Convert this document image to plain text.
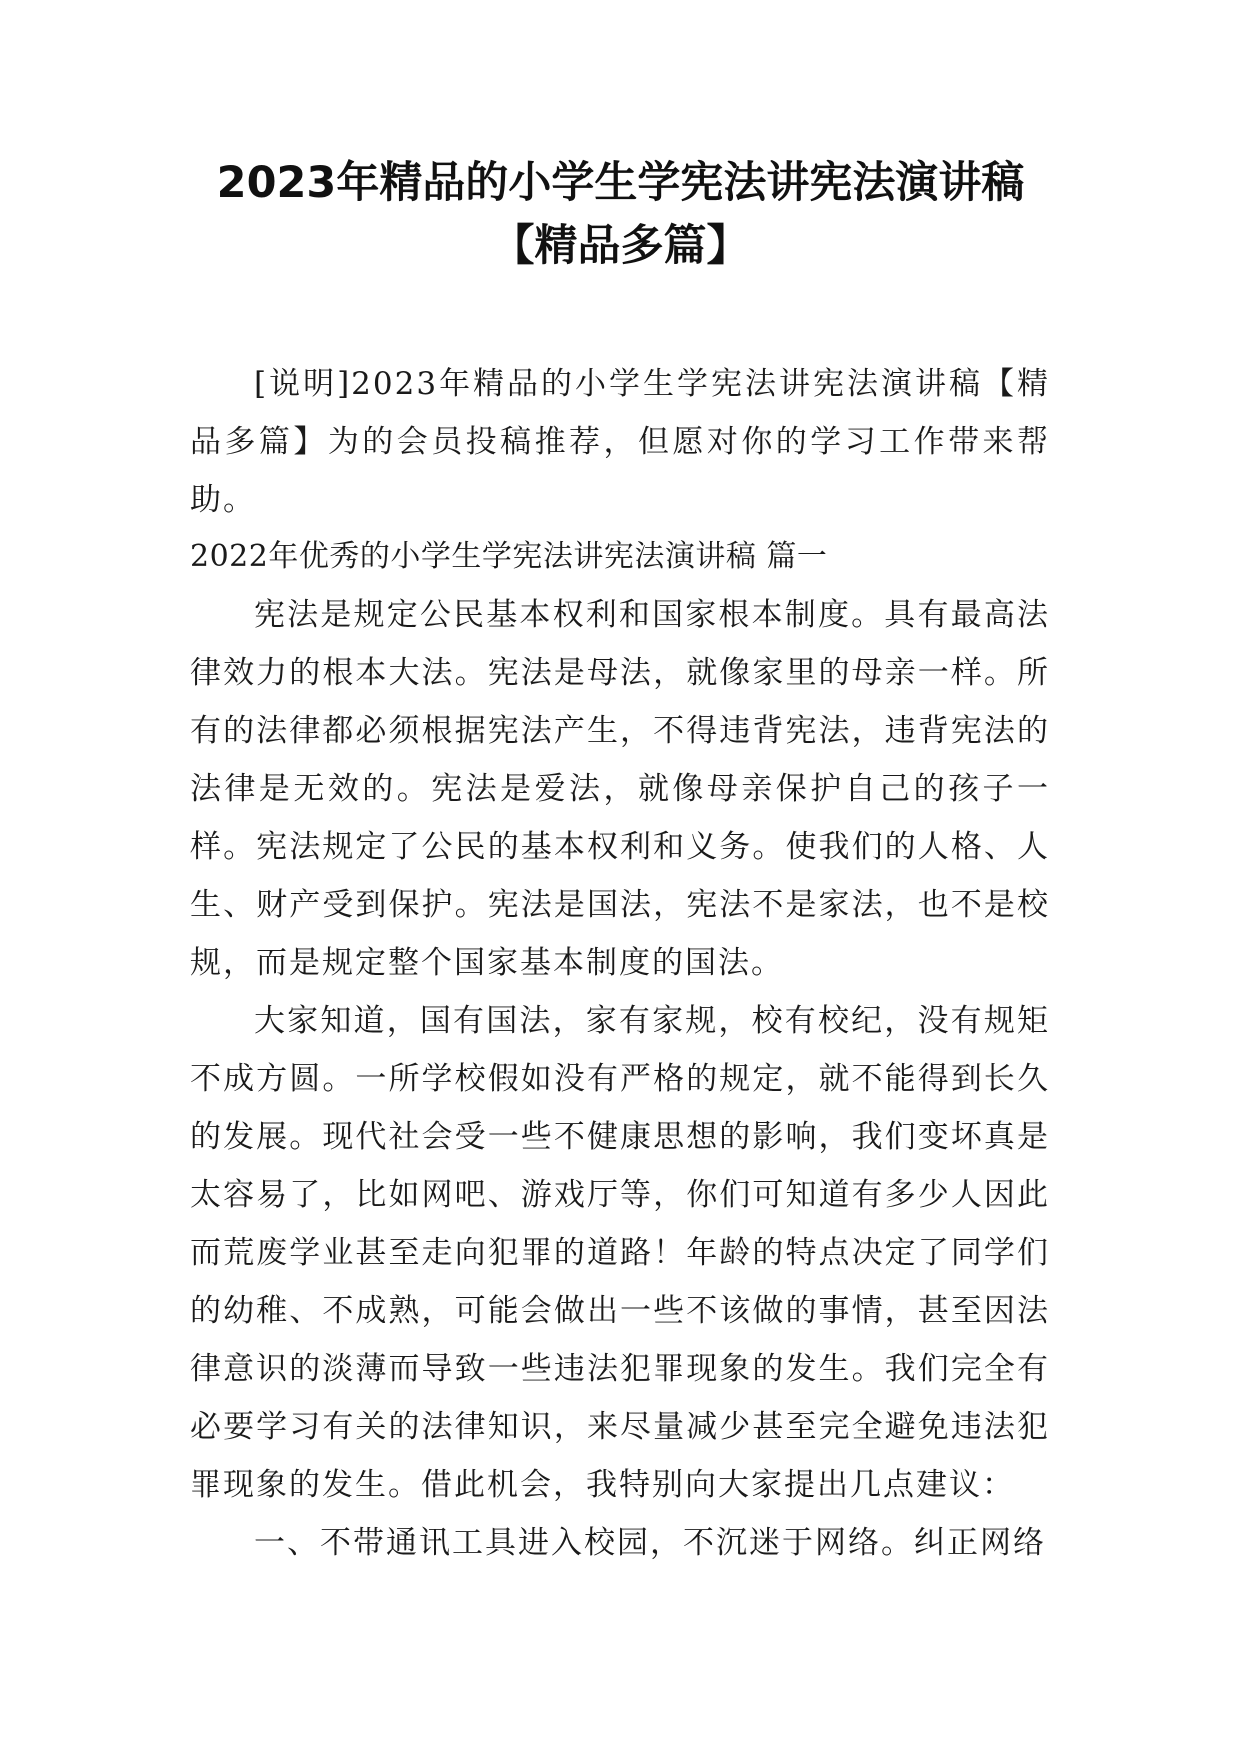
2023年精品的小学生学宪法讲宪法演讲稿
【精品多篇】

[说明]2023年精品的小学生学宪法讲宪法演讲稿【精品多篇】为的会员投稿推荐，但愿对你的学习工作带来帮助。

2022年优秀的小学生学宪法讲宪法演讲稿 篇一

宪法是规定公民基本权利和国家根本制度。具有最高法律效力的根本大法。宪法是母法，就像家里的母亲一样。所有的法律都必须根据宪法产生，不得违背宪法，违背宪法的法律是无效的。宪法是爱法，就像母亲保护自己的孩子一样。宪法规定了公民的基本权利和义务。使我们的人格、人生、财产受到保护。宪法是国法，宪法不是家法，也不是校规，而是规定整个国家基本制度的国法。

大家知道，国有国法，家有家规，校有校纪，没有规矩不成方圆。一所学校假如没有严格的规定，就不能得到长久的发展。现代社会受一些不健康思想的影响，我们变坏真是太容易了，比如网吧、游戏厅等，你们可知道有多少人因此而荒废学业甚至走向犯罪的道路！年龄的特点决定了同学们的幼稚、不成熟，可能会做出一些不该做的事情，甚至因法律意识的淡薄而导致一些违法犯罪现象的发生。我们完全有必要学习有关的法律知识，来尽量减少甚至完全避免违法犯罪现象的发生。借此机会，我特别向大家提出几点建议：

一、不带通讯工具进入校园，不沉迷于网络。纠正网络
